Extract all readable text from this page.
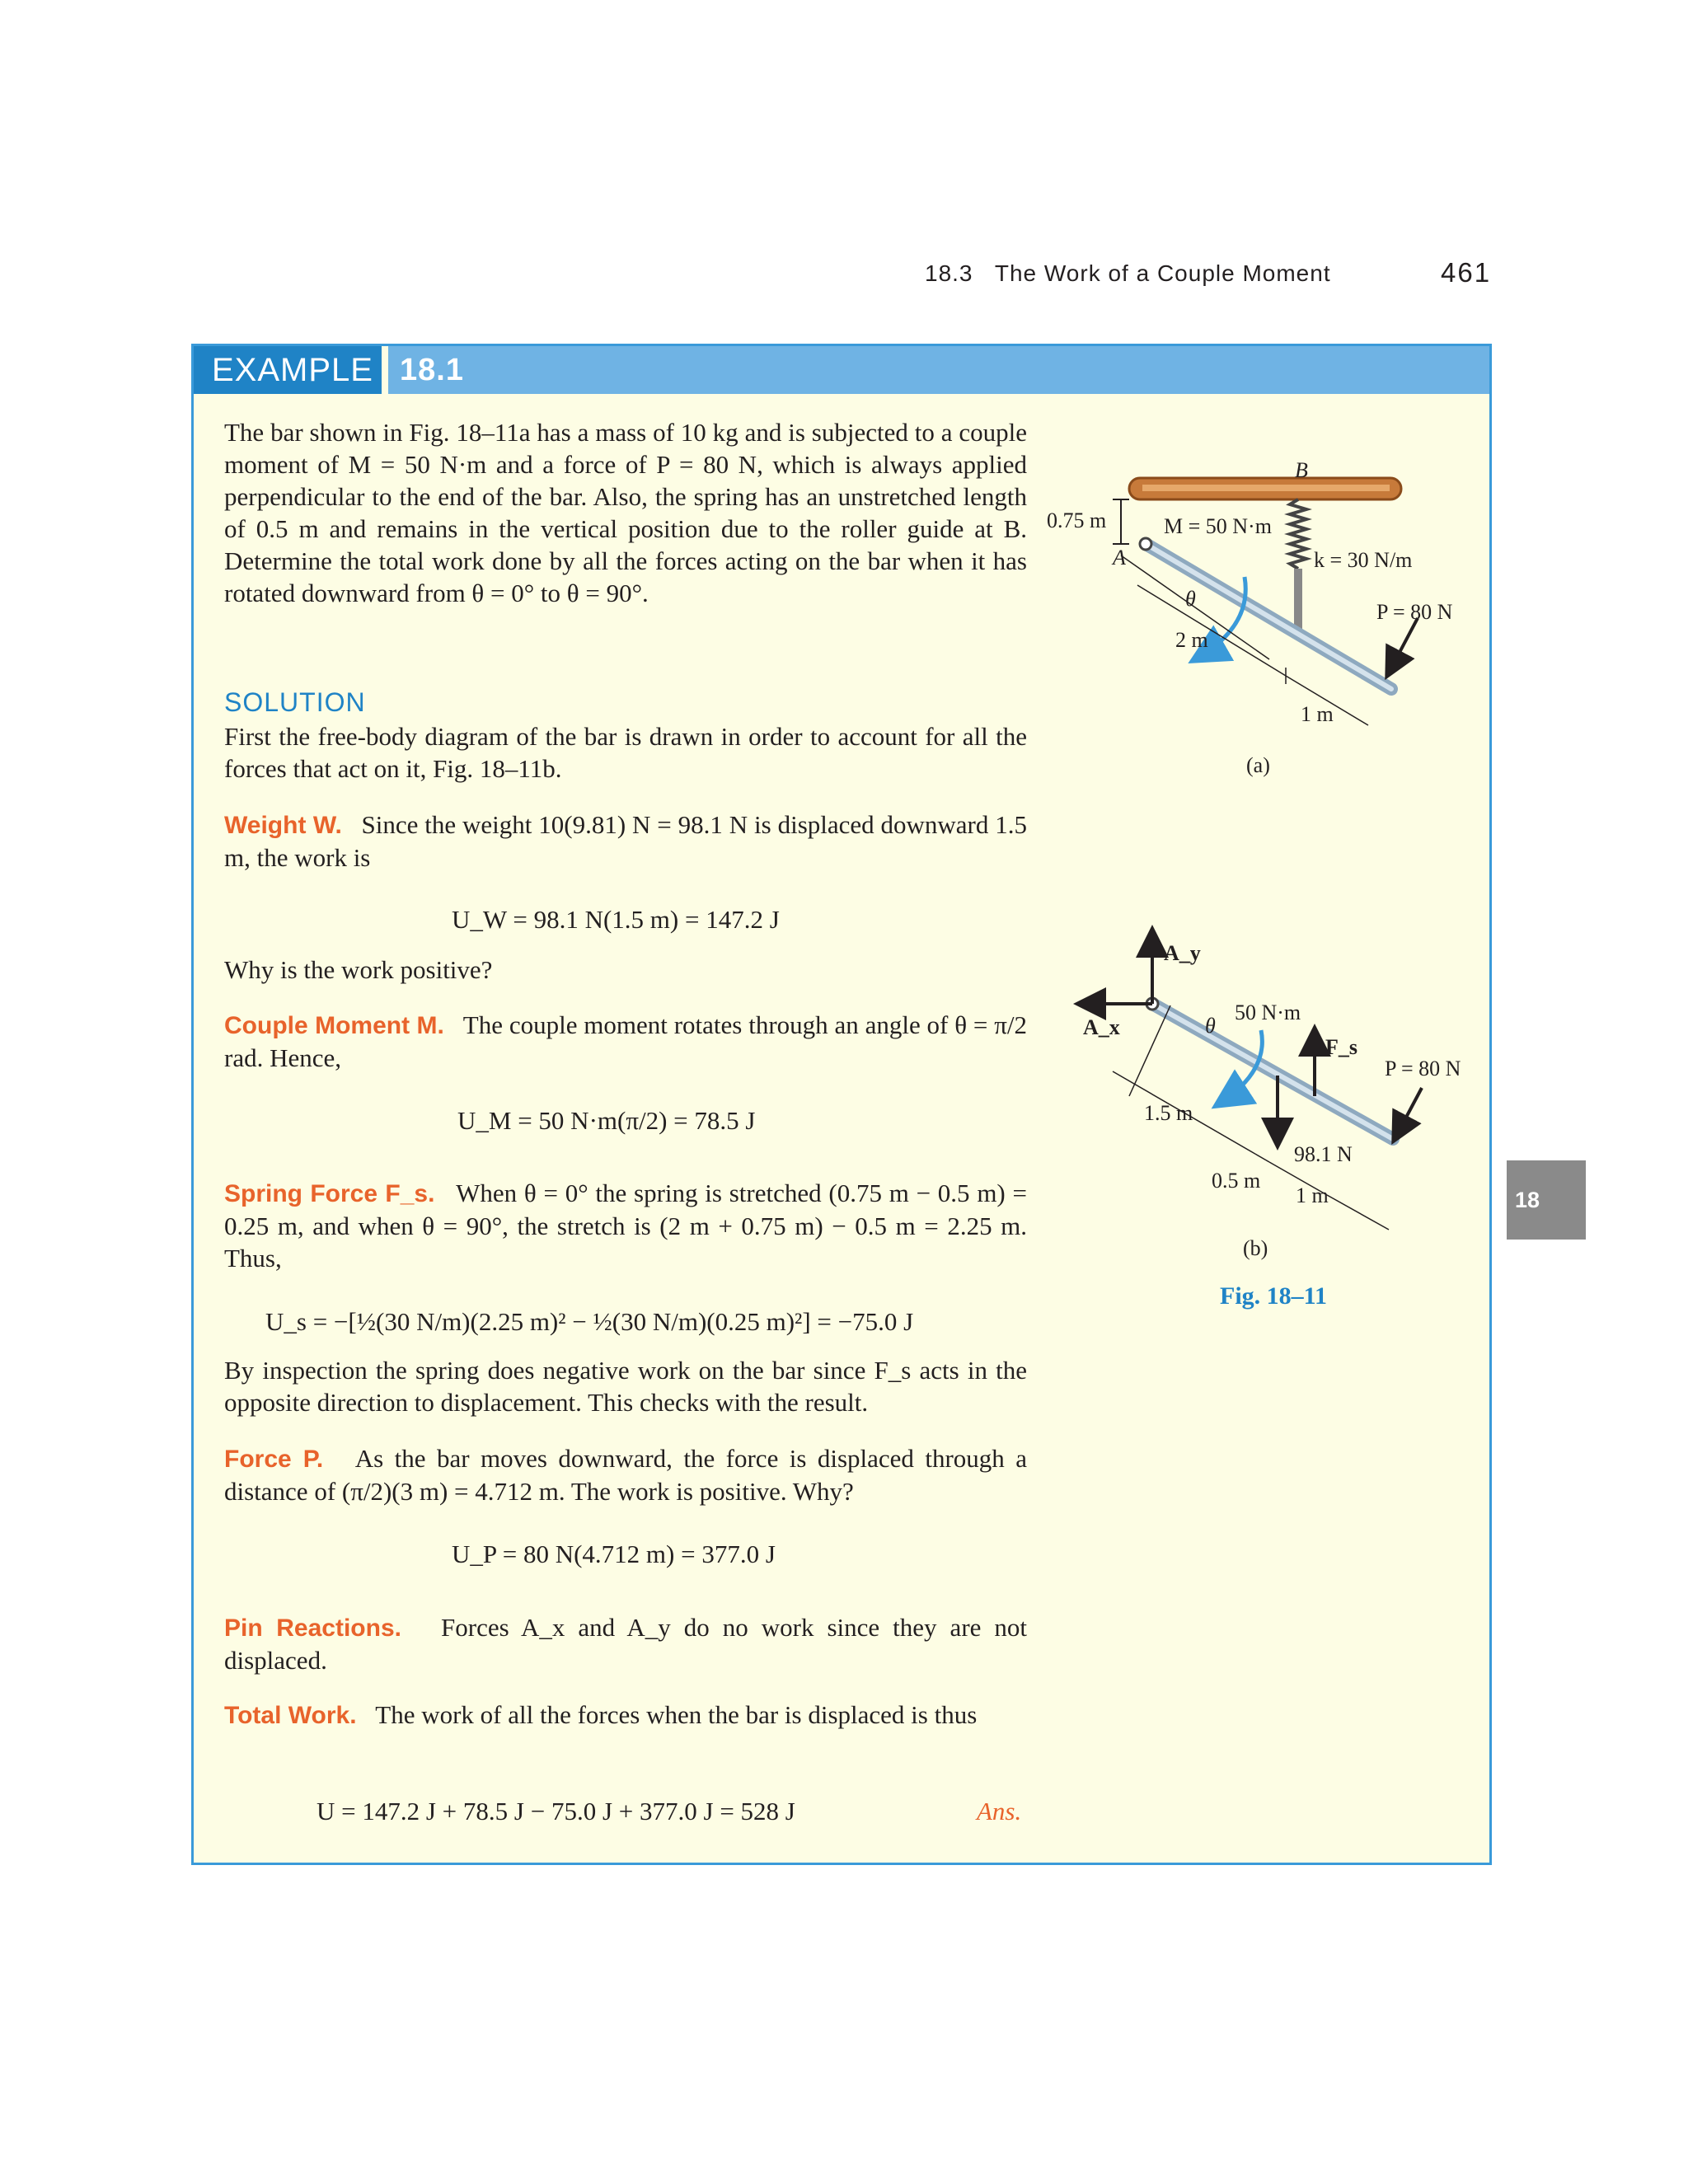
18.3 The Work of a Couple Moment	461
EXAMPLE 18.1
The bar shown in Fig. 18–11a has a mass of 10 kg and is subjected to a couple moment of M = 50 N·m and a force of P = 80 N, which is always applied perpendicular to the end of the bar. Also, the spring has an unstretched length of 0.5 m and remains in the vertical position due to the roller guide at B. Determine the total work done by all the forces acting on the bar when it has rotated downward from θ = 0° to θ = 90°.
SOLUTION
First the free-body diagram of the bar is drawn in order to account for all the forces that act on it, Fig. 18–11b.
Weight W. Since the weight 10(9.81) N = 98.1 N is displaced downward 1.5 m, the work is
U_W = 98.1 N(1.5 m) = 147.2 J
Why is the work positive?
Couple Moment M. The couple moment rotates through an angle of θ = π/2 rad. Hence,
U_M = 50 N·m(π/2) = 78.5 J
Spring Force F_s. When θ = 0° the spring is stretched (0.75 m − 0.5 m) = 0.25 m, and when θ = 90°, the stretch is (2 m + 0.75 m) − 0.5 m = 2.25 m. Thus,
U_s = −[½(30 N/m)(2.25 m)² − ½(30 N/m)(0.25 m)²] = −75.0 J
By inspection the spring does negative work on the bar since F_s acts in the opposite direction to displacement. This checks with the result.
Force P. As the bar moves downward, the force is displaced through a distance of (π/2)(3 m) = 4.712 m. The work is positive. Why?
U_P = 80 N(4.712 m) = 377.0 J
Pin Reactions. Forces A_x and A_y do no work since they are not displaced.
Total Work. The work of all the forces when the bar is displaced is thus
U = 147.2 J + 78.5 J − 75.0 J + 377.0 J = 528 J	Ans.
B
A
0.75 m	M = 50 N·m
k = 30 N/m
θ
P = 80 N
2 m
1 m
(a)
A_y
A_x	θ
50 N·m
F_s
P = 80 N
1.5 m
98.1 N
0.5 m
1 m
(b)
Fig. 18–11
18
